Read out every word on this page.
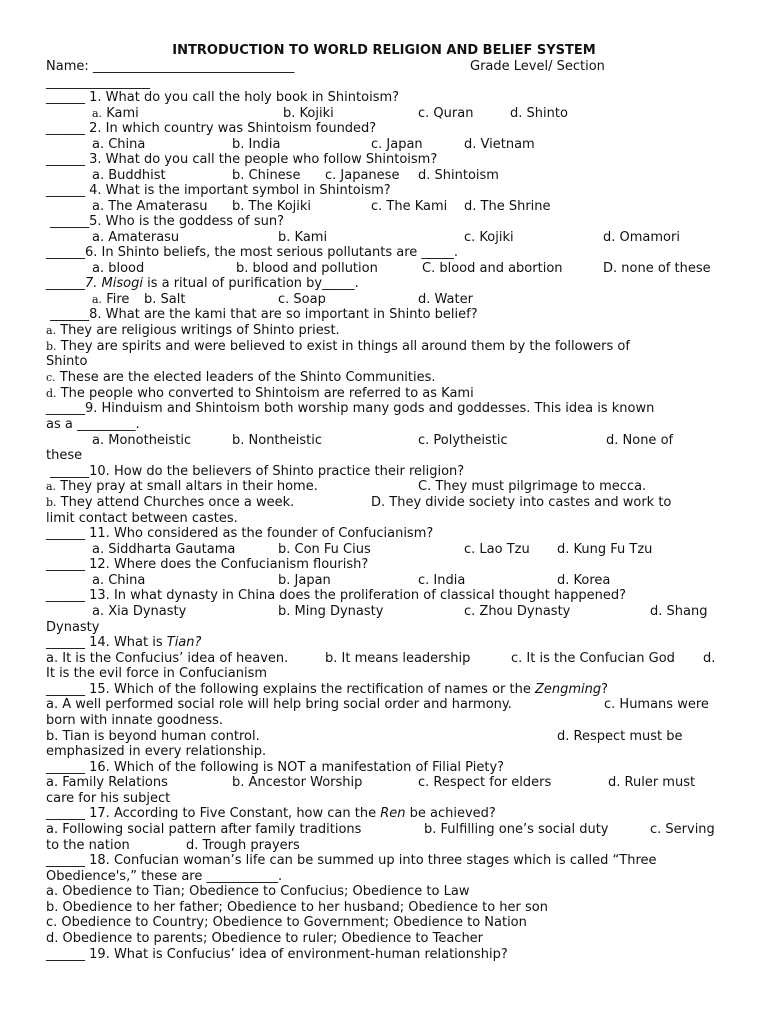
INTRODUCTION TO WORLD RELIGION AND BELIEF SYSTEM
Name: _______________________________	Grade Level/ Section
________________
______ 1. What do you call the holy book in Shintoism?
a. Kami	b. Kojiki	c. Quran	d. Shinto
______ 2. In which country was Shintoism founded?
a. China	b. India	c. Japan	d. Vietnam
______ 3. What do you call the people who follow Shintoism?
a. Buddhist	b. Chinese c. Japanese d. Shintoism
______ 4. What is the important symbol in Shintoism?
a. The Amaterasu b. The Kojiki	c. The Kami d. The Shrine
______5. Who is the goddess of sun?
a. Amaterasu	b. Kami	c. Kojiki	d. Omamori
______6. In Shinto beliefs, the most serious pollutants are _____.
a. blood	b. blood and pollution	C. blood and abortion	D. none of these
______7. Misogi is a ritual of purification by_____.
a. Fire b. Salt	c. Soap	d. Water
______8. What are the kami that are so important in Shinto belief?
a. They are religious writings of Shinto priest.
b. They are spirits and were believed to exist in things all around them by the followers of
Shinto
c. These are the elected leaders of the Shinto Communities.
d. The people who converted to Shintoism are referred to as Kami
______9. Hinduism and Shintoism both worship many gods and goddesses. This idea is known
as a _________.
a. Monotheistic	b. Nontheistic	c. Polytheistic	d. None of
these
______10. How do the believers of Shinto practice their religion?
a. They pray at small altars in their home.	C. They must pilgrimage to mecca.
b. They attend Churches once a week.	D. They divide society into castes and work to
limit contact between castes.
______ 11. Who considered as the founder of Confucianism?
a. Siddharta Gautama	b. Con Fu Cius	c. Lao Tzu d. Kung Fu Tzu
______ 12. Where does the Confucianism flourish?
a. China	b. Japan	c. India	d. Korea
______ 13. In what dynasty in China does the proliferation of classical thought happened?
a. Xia Dynasty	b. Ming Dynasty	c. Zhou Dynasty	d. Shang
Dynasty
______ 14. What is Tian?
a. It is the Confucius’ idea of heaven.	b. It means leadership	c. It is the Confucian God d.
It is the evil force in Confucianism
______ 15. Which of the following explains the rectification of names or the Zengming?
a. A well performed social role will help bring social order and harmony.	c. Humans were
born with innate goodness.
b. Tian is beyond human control.	d. Respect must be
emphasized in every relationship.
______ 16. Which of the following is NOT a manifestation of Filial Piety?
a. Family Relations	b. Ancestor Worship	c. Respect for elders	d. Ruler must
care for his subject
______ 17. According to Five Constant, how can the Ren be achieved?
a. Following social pattern after family traditions	b. Fulfilling one’s social duty	c. Serving
to the nation	d. Trough prayers
______ 18. Confucian woman’s life can be summed up into three stages which is called “Three
Obedience's,” these are ___________.
a. Obedience to Tian; Obedience to Confucius; Obedience to Law
b. Obedience to her father; Obedience to her husband; Obedience to her son
c. Obedience to Country; Obedience to Government; Obedience to Nation
d. Obedience to parents; Obedience to ruler; Obedience to Teacher
______ 19. What is Confucius’ idea of environment-human relationship?
